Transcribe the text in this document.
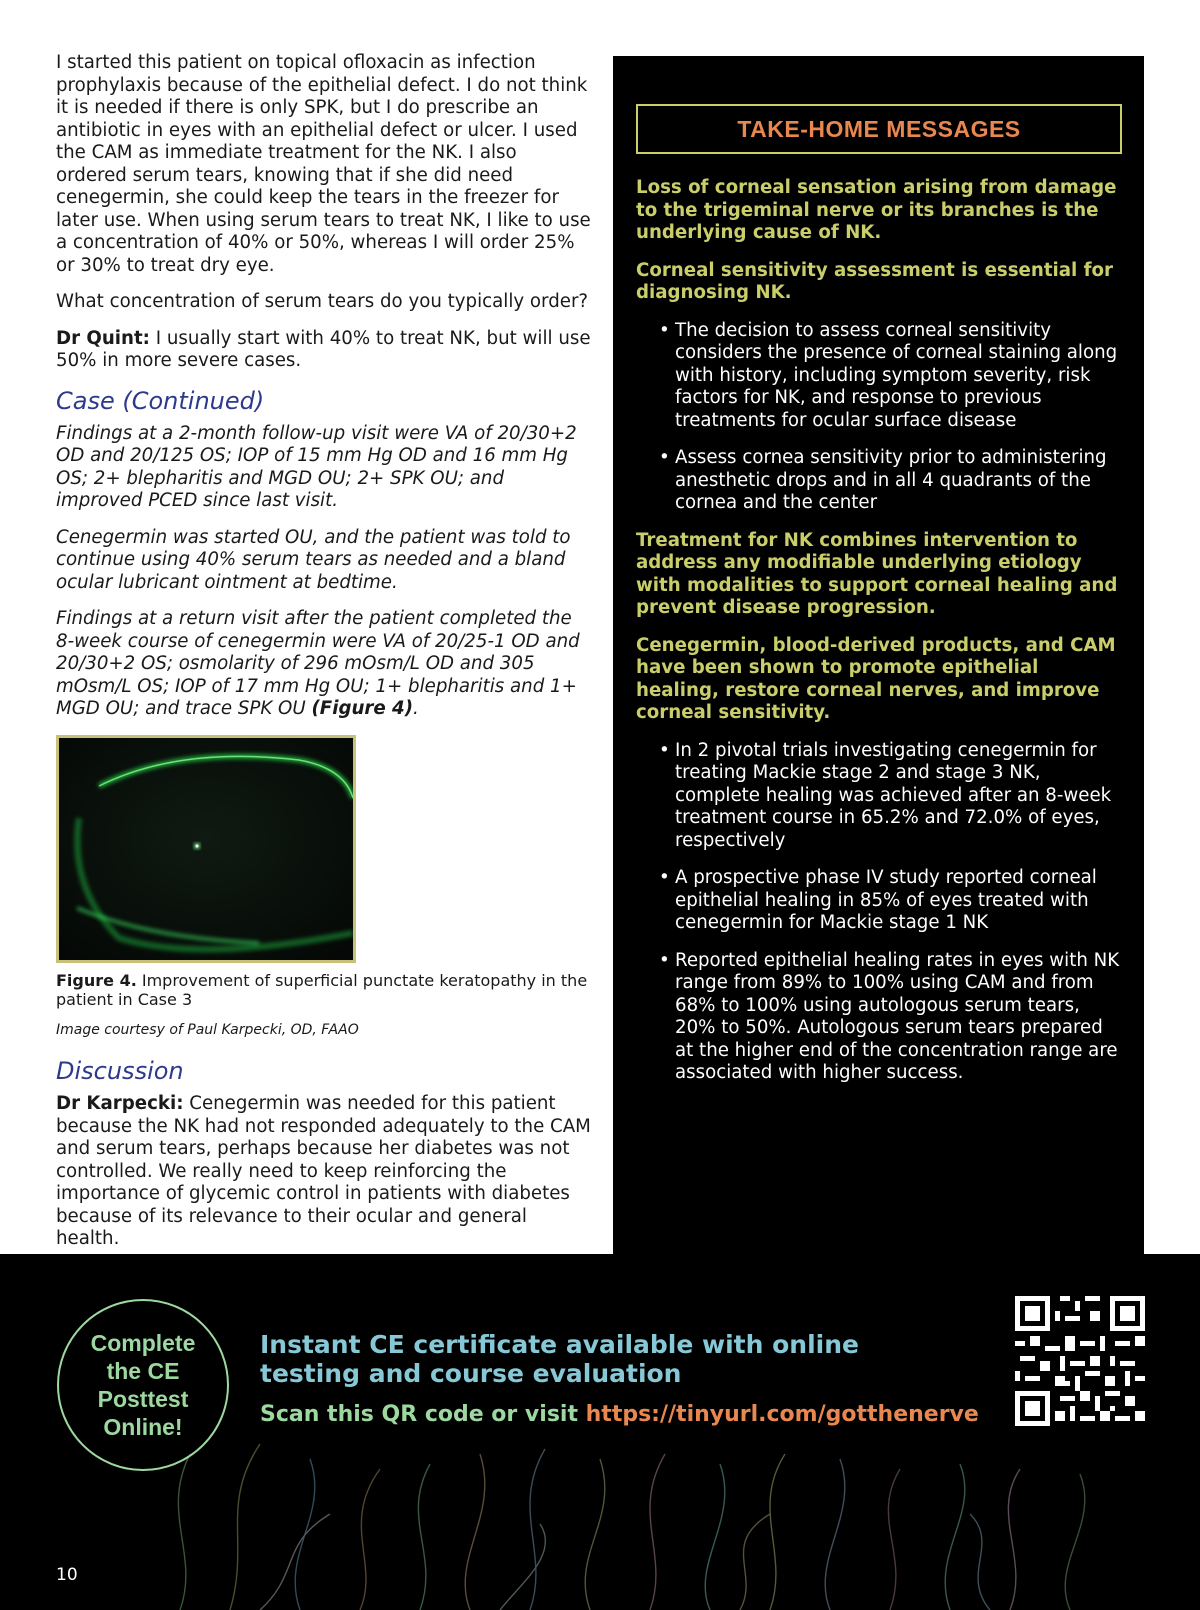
I started this patient on topical ofloxacin as infection prophylaxis because of the epithelial defect. I do not think it is needed if there is only SPK, but I do prescribe an antibiotic in eyes with an epithelial defect or ulcer. I used the CAM as immediate treatment for the NK. I also ordered serum tears, knowing that if she did need cenegermin, she could keep the tears in the freezer for later use. When using serum tears to treat NK, I like to use a concentration of 40% or 50%, whereas I will order 25% or 30% to treat dry eye.

What concentration of serum tears do you typically order?

Dr Quint: I usually start with 40% to treat NK, but will use 50% in more severe cases.

Case (Continued)

Findings at a 2-month follow-up visit were VA of 20/30+2 OD and 20/125 OS; IOP of 15 mm Hg OD and 16 mm Hg OS; 2+ blepharitis and MGD OU; 2+ SPK OU; and improved PCED since last visit.

Cenegermin was started OU, and the patient was told to continue using 40% serum tears as needed and a bland ocular lubricant ointment at bedtime.

Findings at a return visit after the patient completed the 8-week course of cenegermin were VA of 20/25-1 OD and 20/30+2 OS; osmolarity of 296 mOsm/L OD and 305 mOsm/L OS; IOP of 17 mm Hg OU; 1+ blepharitis and 1+ MGD OU; and trace SPK OU (Figure 4).

Figure 4. Improvement of superficial punctate keratopathy in the patient in Case 3
Image courtesy of Paul Karpecki, OD, FAAO
Discussion

Dr Karpecki: Cenegermin was needed for this patient because the NK had not responded adequately to the CAM and serum tears, perhaps because her diabetes was not controlled. We really need to keep reinforcing the importance of glycemic control in patients with diabetes because of its relevance to their ocular and general health.

TAKE-HOME MESSAGES

Loss of corneal sensation arising from damage to the trigeminal nerve or its branches is the underlying cause of NK.

Corneal sensitivity assessment is essential for diagnosing NK.

• The decision to assess corneal sensitivity considers the presence of corneal staining along with history, including symptom severity, risk factors for NK, and response to previous treatments for ocular surface disease
• Assess cornea sensitivity prior to administering anesthetic drops and in all 4 quadrants of the cornea and the center

Treatment for NK combines intervention to address any modifiable underlying etiology with modalities to support corneal healing and prevent disease progression.

Cenegermin, blood-derived products, and CAM have been shown to promote epithelial healing, restore corneal nerves, and improve corneal sensitivity.

• In 2 pivotal trials investigating cenegermin for treating Mackie stage 2 and stage 3 NK, complete healing was achieved after an 8-week treatment course in 65.2% and 72.0% of eyes, respectively
• A prospective phase IV study reported corneal epithelial healing in 85% of eyes treated with cenegermin for Mackie stage 1 NK
• Reported epithelial healing rates in eyes with NK range from 89% to 100% using CAM and from 68% to 100% using autologous serum tears, 20% to 50%. Autologous serum tears prepared at the higher end of the concentration range are associated with higher success.
Complete the CE Posttest Online!
Instant CE certificate available with online testing and course evaluation
Scan this QR code or visit https://tinyurl.com/gotthenerve
10
